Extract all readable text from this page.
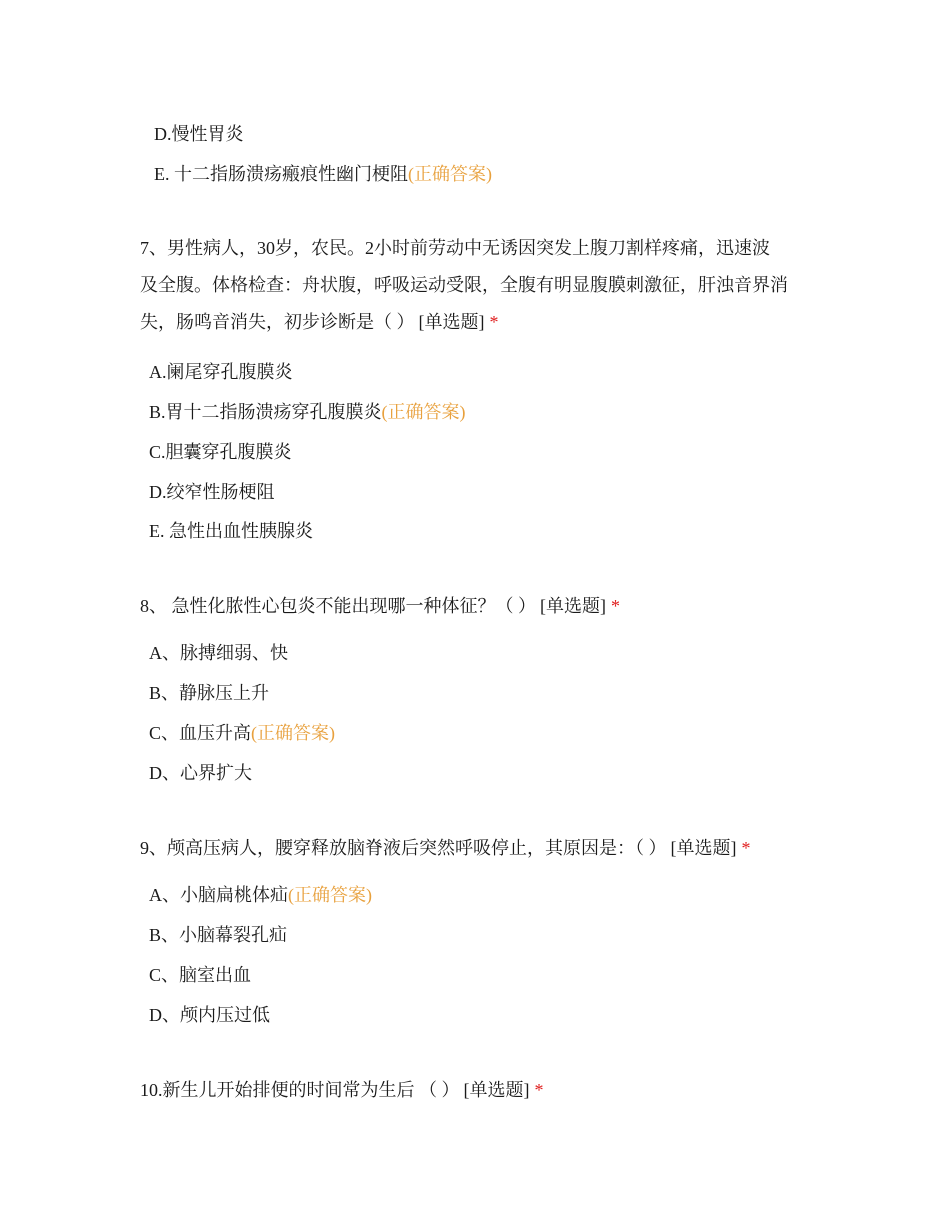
D.慢性胃炎
E. 十二指肠溃疡瘢痕性幽门梗阻(正确答案)
7、男性病人，30岁，农民。2小时前劳动中无诱因突发上腹刀割样疼痛，迅速波
及全腹。体格检查：舟状腹，呼吸运动受限，全腹有明显腹膜刺激征，肝浊音界消
失，肠鸣音消失，初步诊断是（ ） [单选题] *
A.阑尾穿孔腹膜炎
B.胃十二指肠溃疡穿孔腹膜炎(正确答案)
C.胆囊穿孔腹膜炎
D.绞窄性肠梗阻
E. 急性出血性胰腺炎
8、 急性化脓性心包炎不能出现哪一种体征？（ ） [单选题] *
A、脉搏细弱、快
B、静脉压上升
C、血压升高(正确答案)
D、心界扩大
9、颅高压病人，腰穿释放脑脊液后突然呼吸停止，其原因是：（ ） [单选题] *
A、小脑扁桃体疝(正确答案)
B、小脑幕裂孔疝
C、脑室出血
D、颅内压过低
10.新生儿开始排便的时间常为生后 （ ） [单选题] *
